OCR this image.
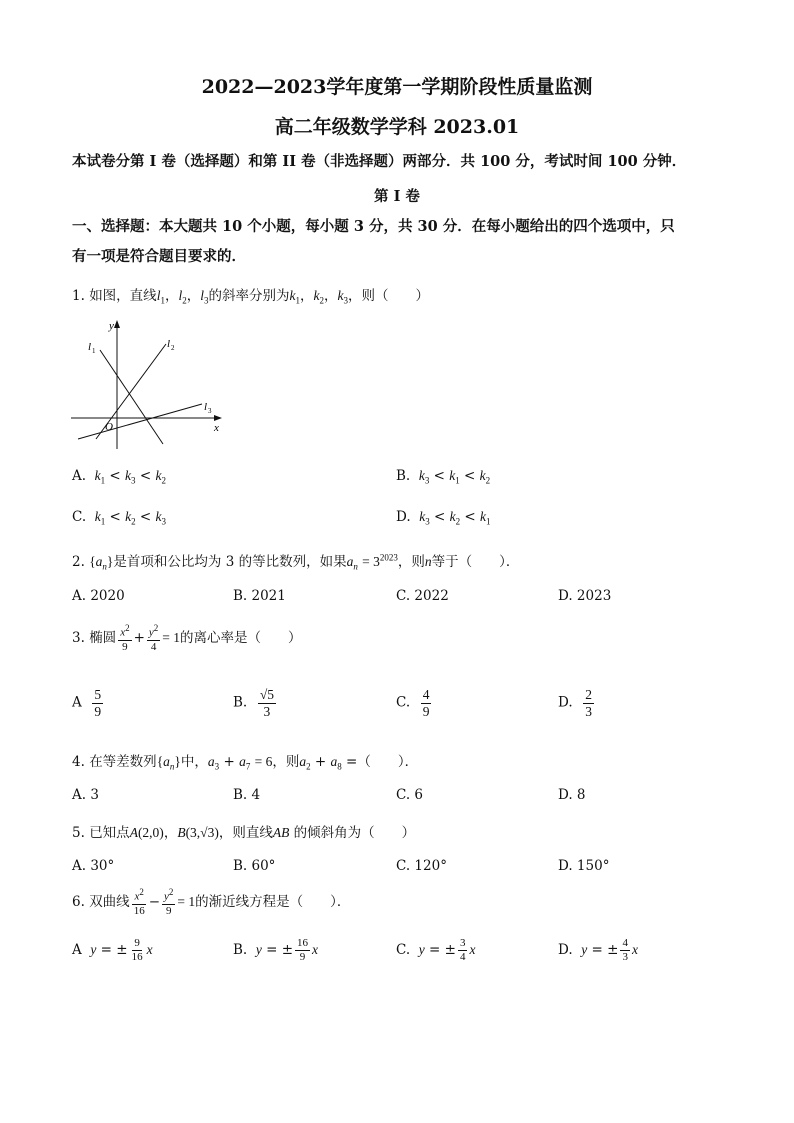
2022—2023学年度第一学期阶段性质量监测
高二年级数学学科 2023.01
本试卷分第 I 卷（选择题）和第 II 卷（非选择题）两部分．共 100 分，考试时间 100 分钟．
第 I 卷
一、选择题：本大题共 10 个小题，每小题 3 分，共 30 分．在每小题给出的四个选项中，只
有一项是符合题目要求的．
1. 如图，直线$l_1$，$l_2$，$l_3$的斜率分别为$k_1$，$k_2$，$k_3$，则（　　）
y
x
O
l 1
l 2
l 3
A. $k_1 < k_3 < k_2$	B. $k_3 < k_1 < k_2$
C. $k_1 < k_2 < k_3$	D. $k_3 < k_2 < k_1$
2. $\{a_n\}$是首项和公比均为 3 的等比数列，如果$a_n = 3^{2023}$，则n等于（　　）．
A. 2020	B. 2021	C. 2022	D. 2023
3. 椭圆 $\frac{x^2}{9} + \frac{y^2}{4} = 1$的离心率是（　　）
A $\frac{5}{9}$	B. $\frac{√5}{3}$	C. $\frac{4}{9}$	D. $\frac{2}{3}$
4. 在等差数列$\{a_n\}$中，$a_3 + a_7 = 6$，则$a_2 + a_8$ =（　　）．
A. 3	B. 4	C. 6	D. 8
5. 已知点A(2,0)，B(3,√3)，则直线AB 的倾斜角为（　　）
A. 30°	B. 60°	C. 120°	D. 150°
6. 双曲线 $\frac{x^2}{16} - \frac{y^2}{9} = 1$的渐近线方程是（　　）．
A y = ± $\frac{9}{16}$ x	B. y = ± $\frac{16}{9}$ x	C. y = ± $\frac{3}{4}$ x	D. y = ± $\frac{4}{3}$ x
